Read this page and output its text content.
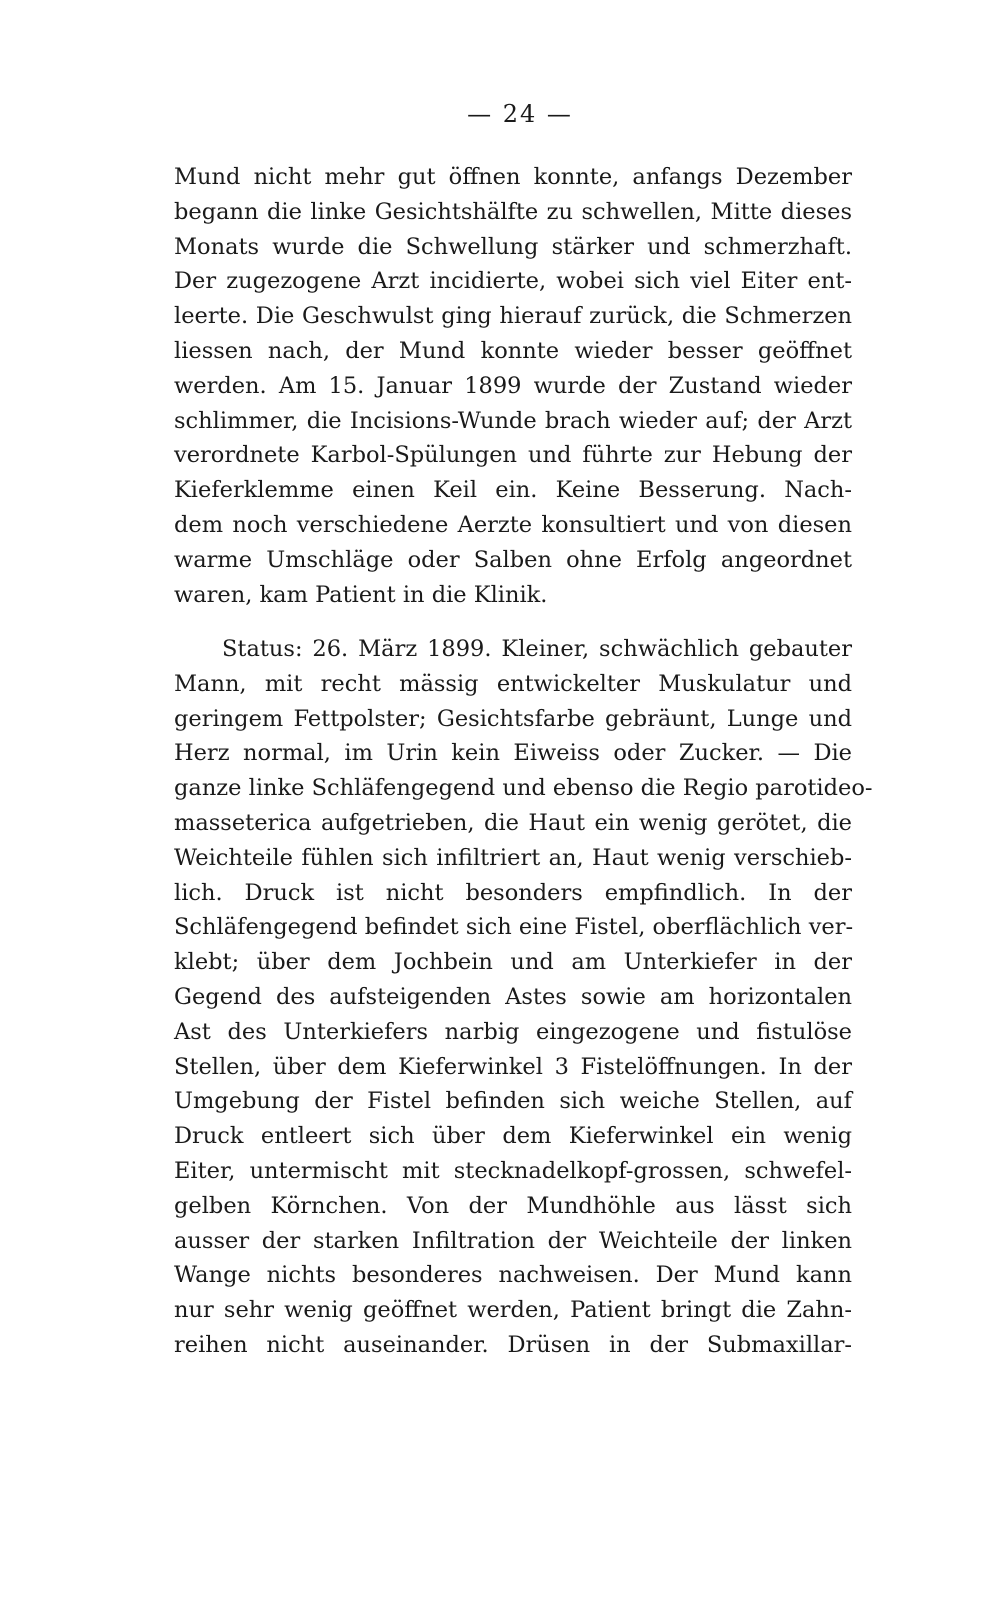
— 24 —
Mund nicht mehr gut öffnen konnte, anfangs Dezember
begann die linke Gesichtshälfte zu schwellen, Mitte dieses
Monats wurde die Schwellung stärker und schmerzhaft.
Der zugezogene Arzt incidierte, wobei sich viel Eiter ent-
leerte. Die Geschwulst ging hierauf zurück, die Schmerzen
liessen nach, der Mund konnte wieder besser geöffnet
werden. Am 15. Januar 1899 wurde der Zustand wieder
schlimmer, die Incisions-Wunde brach wieder auf; der Arzt
verordnete Karbol-Spülungen und führte zur Hebung der
Kieferklemme einen Keil ein. Keine Besserung. Nach-
dem noch verschiedene Aerzte konsultiert und von diesen
warme Umschläge oder Salben ohne Erfolg angeordnet
waren, kam Patient in die Klinik.
Status: 26. März 1899. Kleiner, schwächlich gebauter
Mann, mit recht mässig entwickelter Muskulatur und
geringem Fettpolster; Gesichtsfarbe gebräunt, Lunge und
Herz normal, im Urin kein Eiweiss oder Zucker. — Die
ganze linke Schläfengegend und ebenso die Regio parotideo-
masseterica aufgetrieben, die Haut ein wenig gerötet, die
Weichteile fühlen sich infiltriert an, Haut wenig verschieb-
lich. Druck ist nicht besonders empfindlich. In der
Schläfengegend befindet sich eine Fistel, oberflächlich ver-
klebt; über dem Jochbein und am Unterkiefer in der
Gegend des aufsteigenden Astes sowie am horizontalen
Ast des Unterkiefers narbig eingezogene und fistulöse
Stellen, über dem Kieferwinkel 3 Fistelöffnungen. In der
Umgebung der Fistel befinden sich weiche Stellen, auf
Druck entleert sich über dem Kieferwinkel ein wenig
Eiter, untermischt mit stecknadelkopf-grossen, schwefel-
gelben Körnchen. Von der Mundhöhle aus lässt sich
ausser der starken Infiltration der Weichteile der linken
Wange nichts besonderes nachweisen. Der Mund kann
nur sehr wenig geöffnet werden, Patient bringt die Zahn-
reihen nicht auseinander. Drüsen in der Submaxillar-
